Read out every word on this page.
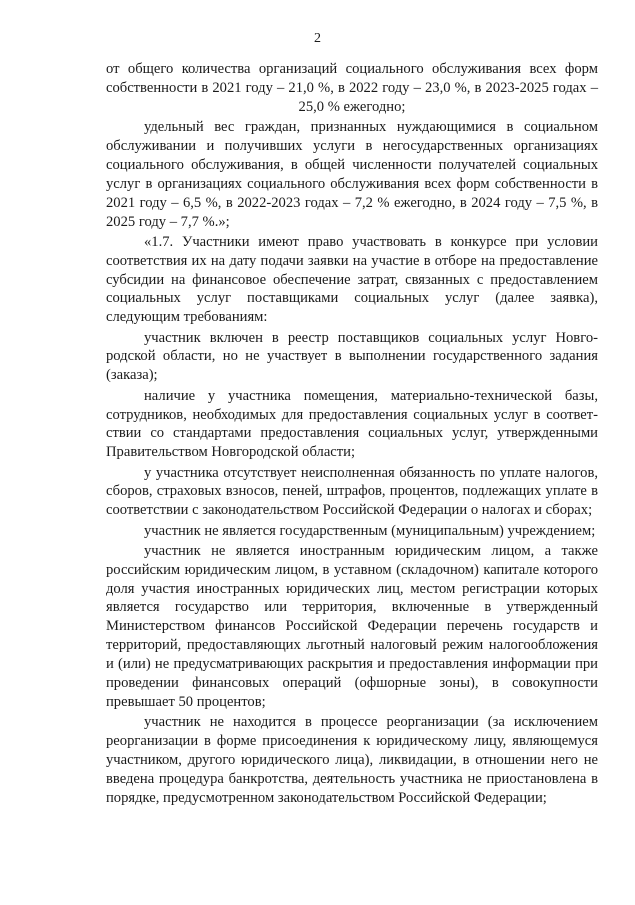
2

от общего количества организаций социального обслуживания всех форм собственности в 2021 году – 21,0 %, в 2022 году – 23,0 %, в 2023-2025 годах – 25,0 % ежегодно;

удельный вес граждан, признанных нуждающимися в социальном обслуживании и получивших услуги в негосударственных организациях социального обслуживания, в общей численности получателей социальных услуг в организациях социального обслуживания всех форм собственности в 2021 году – 6,5 %, в 2022-2023 годах – 7,2 % ежегодно, в 2024 году – 7,5 %, в 2025 году – 7,7 %.»;

«1.7. Участники имеют право участвовать в конкурсе при условии соответствия их на дату подачи заявки на участие в отборе на предоставление субсидии на финансовое обеспечение затрат, связанных с предоставлением социальных услуг поставщиками социальных услуг (далее заявка), следующим требованиям:

участник включен в реестр поставщиков социальных услуг Новгородской области, но не участвует в выполнении государственного задания (заказа);

наличие у участника помещения, материально-технической базы, сотрудников, необходимых для предоставления социальных услуг в соответствии со стандартами предоставления социальных услуг, утвержденными Правительством Новгородской области;

у участника отсутствует неисполненная обязанность по уплате налогов, сборов, страховых взносов, пеней, штрафов, процентов, подлежащих уплате в соответствии с законодательством Российской Федерации о налогах и сборах;

участник не является государственным (муниципальным) учреждением;

участник не является иностранным юридическим лицом, а также российским юридическим лицом, в уставном (складочном) капитале которого доля участия иностранных юридических лиц, местом регистрации которых является государство или территория, включенные в утвержденный Министерством финансов Российской Федерации перечень государств и территорий, предоставляющих льготный налоговый режим налогообложения и (или) не предусматривающих раскрытия и предоставления информации при проведении финансовых операций (офшорные зоны), в совокупности превышает 50 процентов;

участник не находится в процессе реорганизации (за исключением реорганизации в форме присоединения к юридическому лицу, являющемуся участником, другого юридического лица), ликвидации, в отношении него не введена процедура банкротства, деятельность участника не приостановлена в порядке, предусмотренном законодательством Российской Федерации;
